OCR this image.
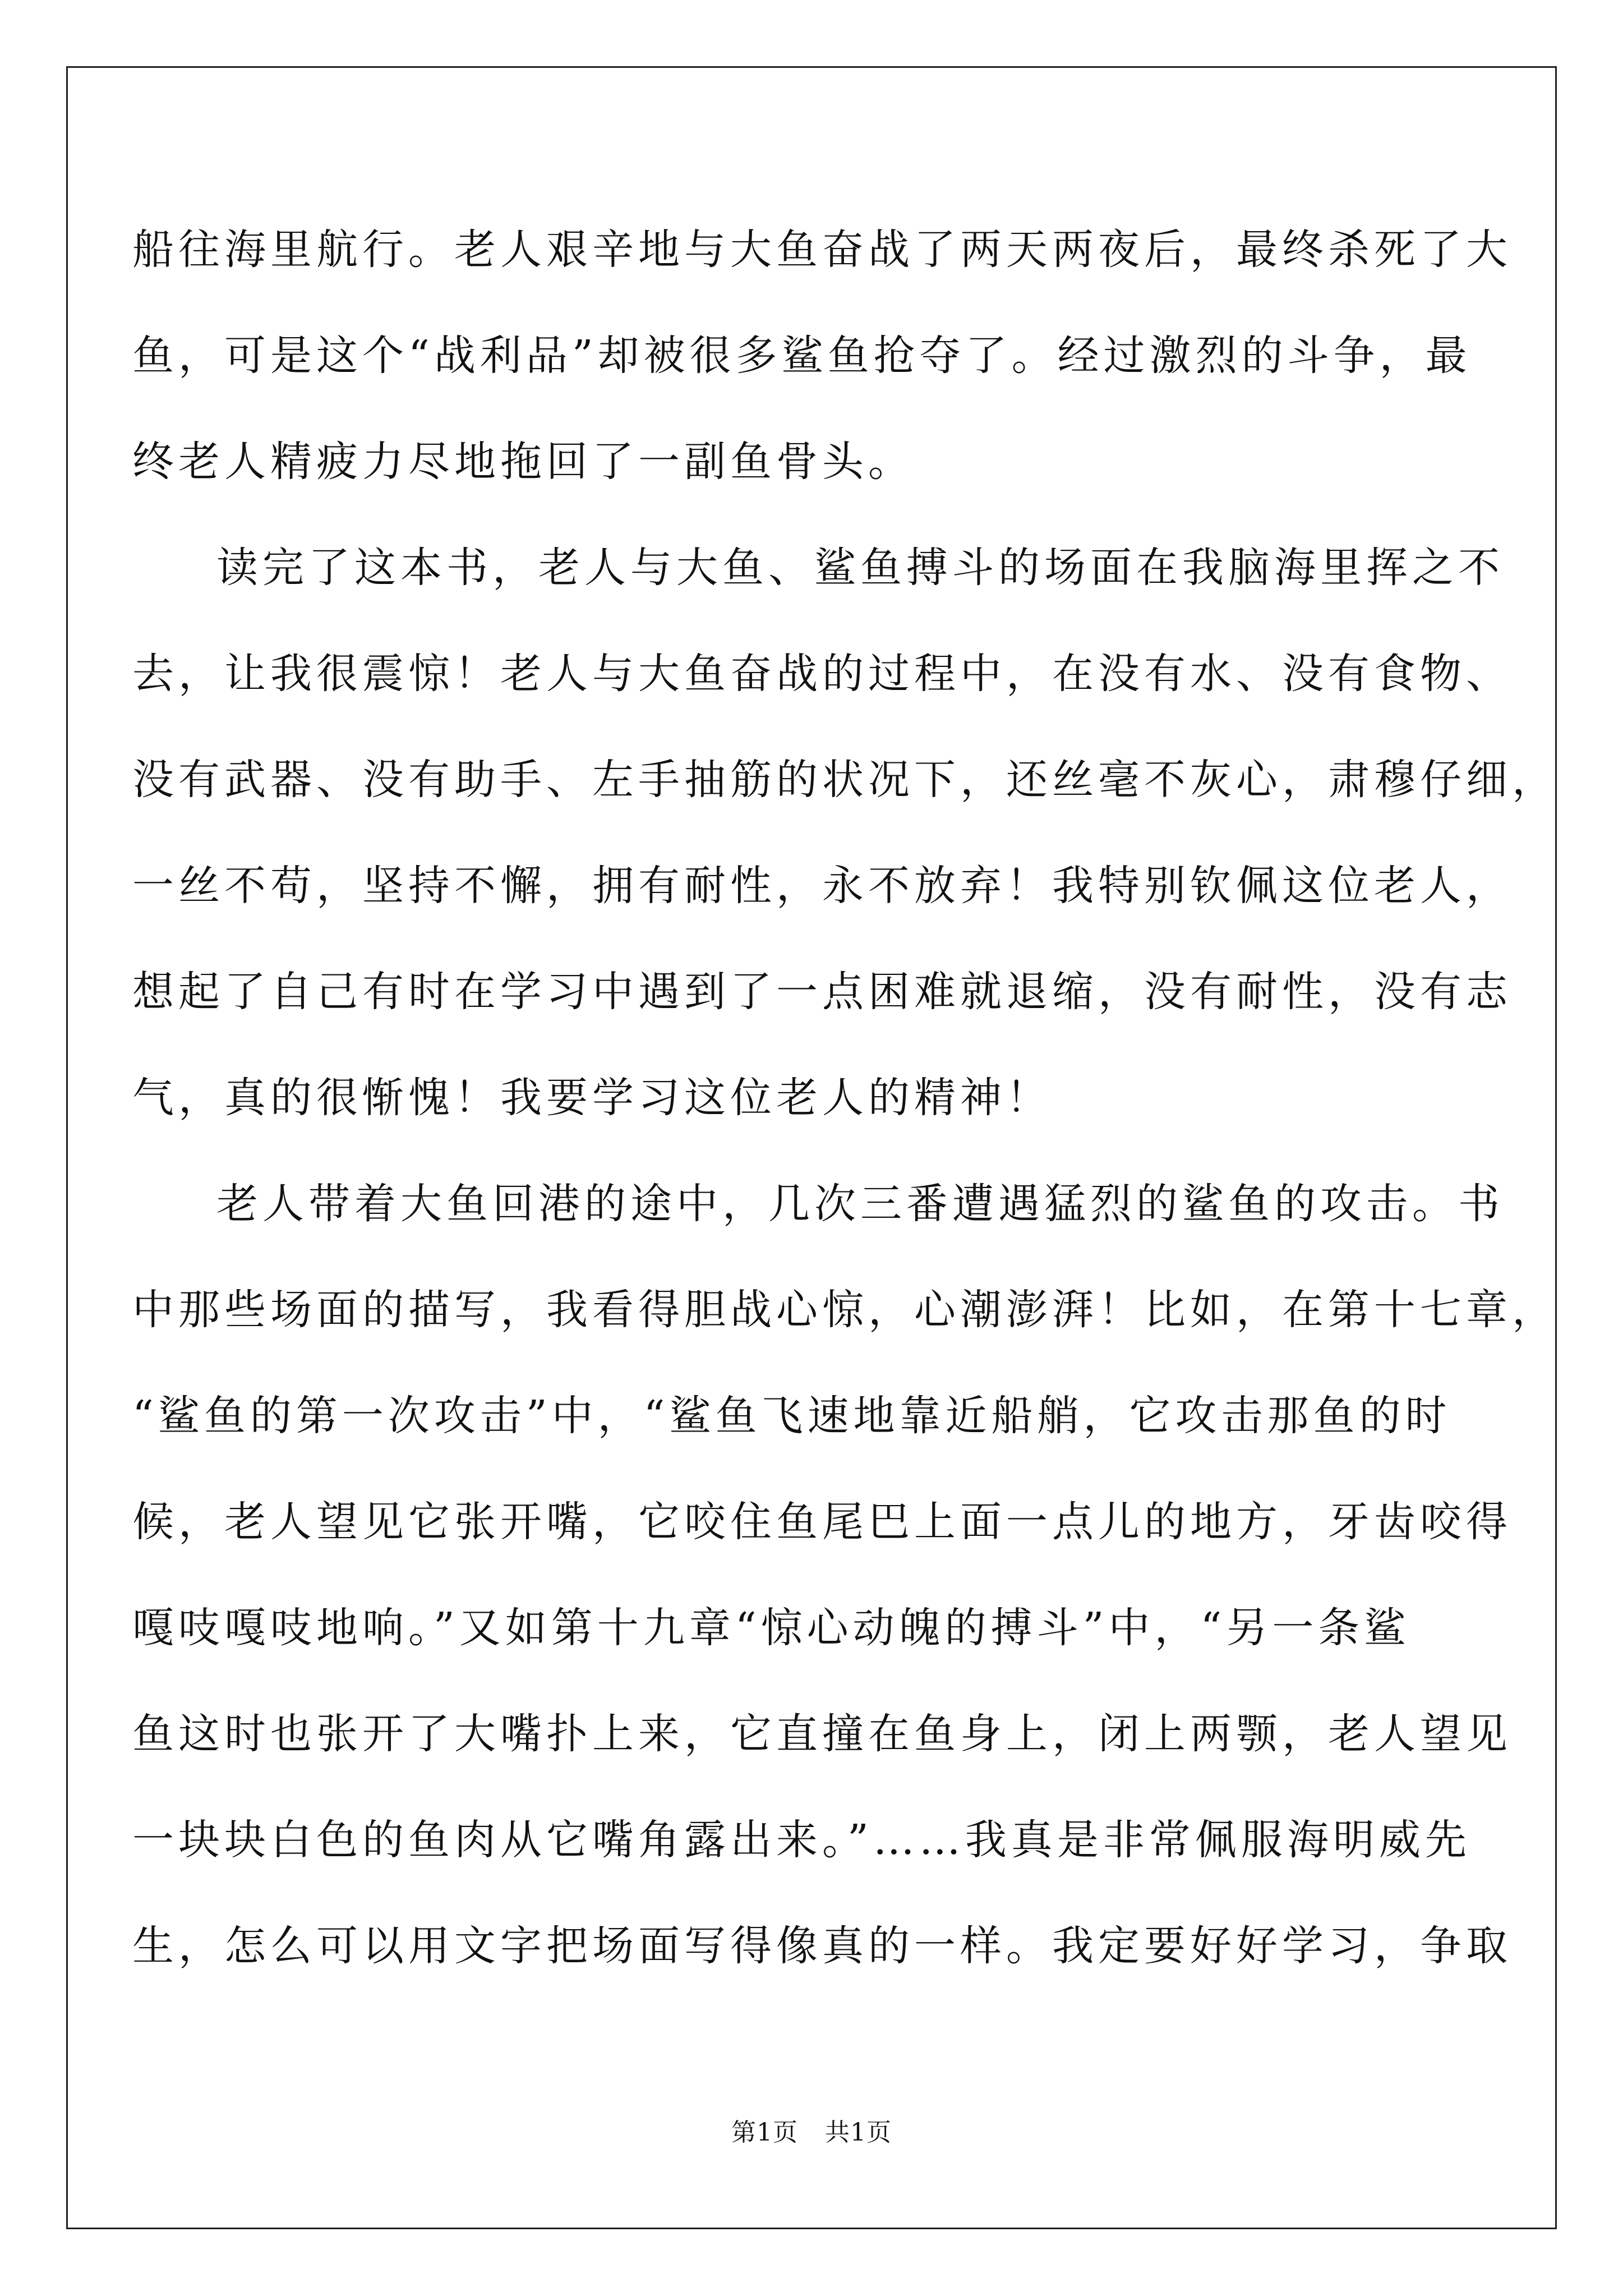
船往海里航行。老人艰辛地与大鱼奋战了两天两夜后，最终杀死了大
鱼，可是这个“战利品”却被很多鲨鱼抢夺了。经过激烈的斗争，最
终老人精疲力尽地拖回了一副鱼骨头。
读完了这本书，老人与大鱼、鲨鱼搏斗的场面在我脑海里挥之不
去，让我很震惊！老人与大鱼奋战的过程中，在没有水、没有食物、
没有武器、没有助手、左手抽筋的状况下，还丝毫不灰心，肃穆仔细，
一丝不苟，坚持不懈，拥有耐性，永不放弃！我特别钦佩这位老人，
想起了自己有时在学习中遇到了一点困难就退缩，没有耐性，没有志
气，真的很惭愧！我要学习这位老人的精神！
老人带着大鱼回港的途中，几次三番遭遇猛烈的鲨鱼的攻击。书
中那些场面的描写，我看得胆战心惊，心潮澎湃！比如，在第十七章，
“鲨鱼的第一次攻击”中，“鲨鱼飞速地靠近船艄，它攻击那鱼的时
候，老人望见它张开嘴，它咬住鱼尾巴上面一点儿的地方，牙齿咬得
嘎吱嘎吱地响。”又如第十九章“惊心动魄的搏斗”中，“另一条鲨
鱼这时也张开了大嘴扑上来，它直撞在鱼身上，闭上两颚，老人望见
一块块白色的鱼肉从它嘴角露出来。”……我真是非常佩服海明威先
生，怎么可以用文字把场面写得像真的一样。我定要好好学习，争取
第1页 共1页
